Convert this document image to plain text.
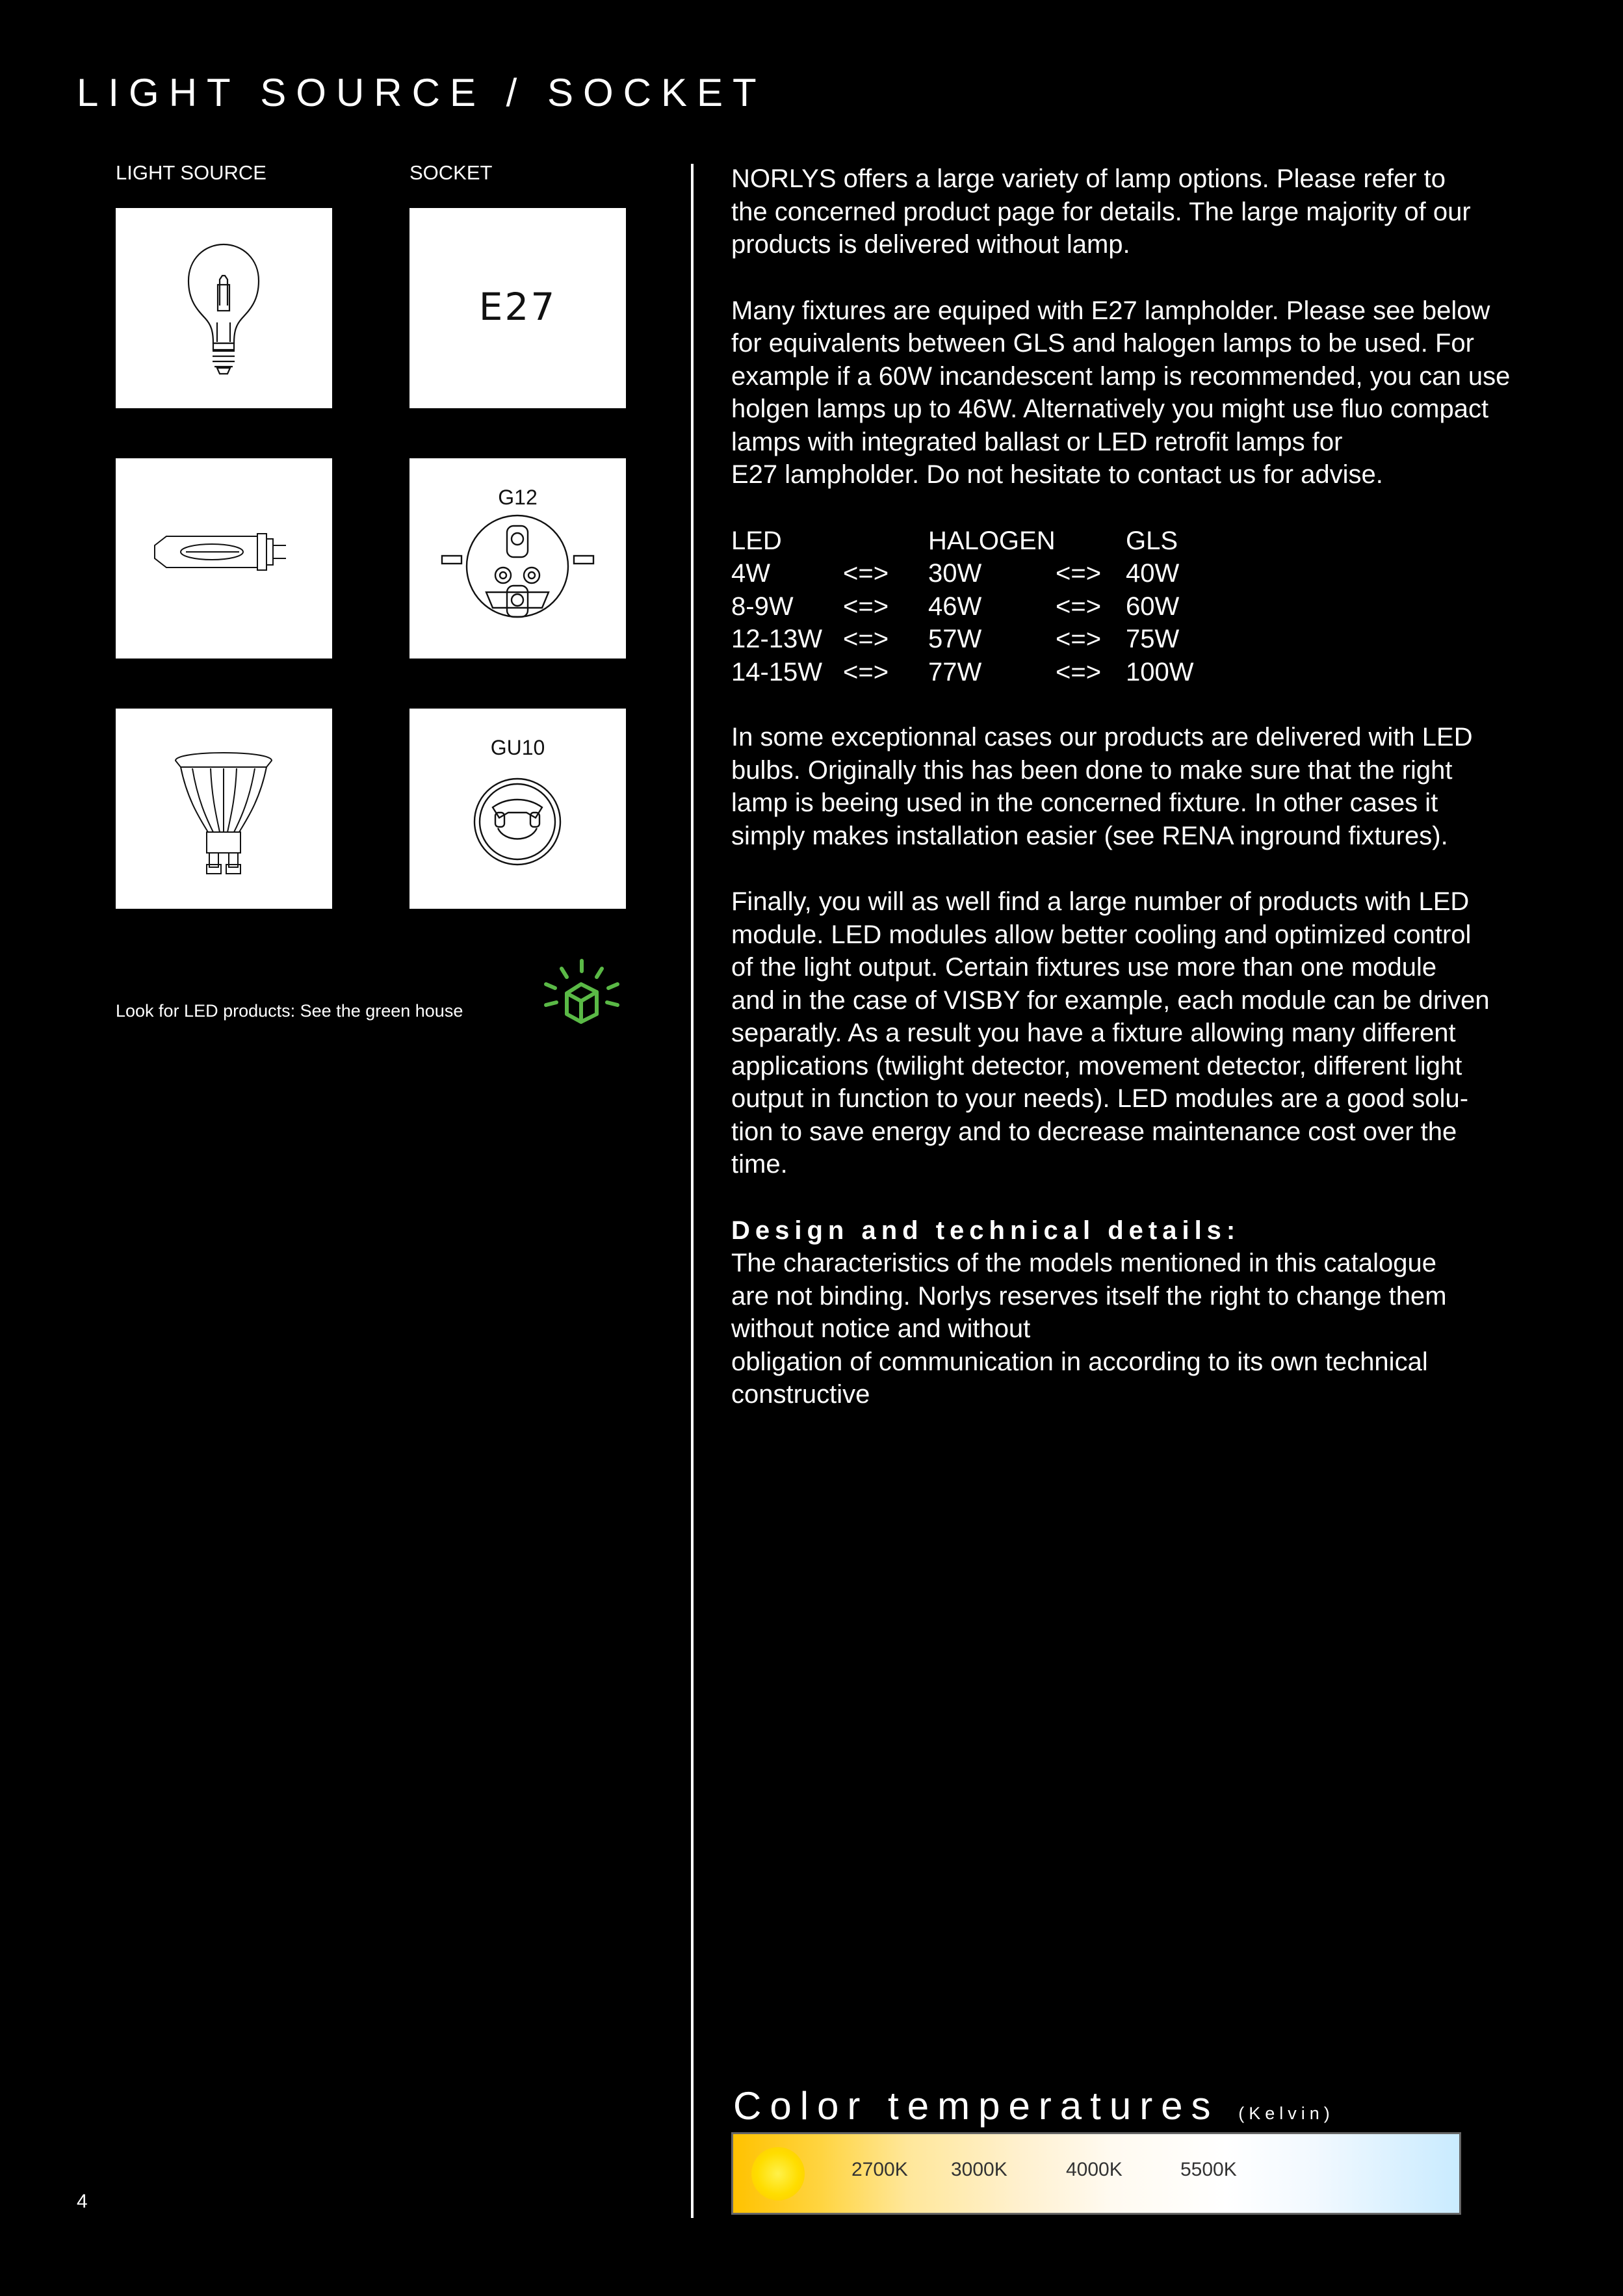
LIGHT SOURCE / SOCKET
LIGHT SOURCE	SOCKET
E27
G12
GU10
Look for LED products: See the green house

NORLYS offers a large variety of lamp options. Please refer to
the concerned product page for details. The large majority of our
products is delivered without lamp.

Many fixtures are equiped with E27 lampholder. Please see below
for equivalents between GLS and halogen lamps to be used. For
example if a 60W incandescent lamp is recommended, you can use
holgen lamps up to 46W. Alternatively you might use fluo compact
lamps with integrated ballast or LED retrofit lamps for
E27 lampholder. Do not hesitate to contact us for advise.

LED	HALOGEN	GLS
4W	<=>	30W	<=> 40W
8-9W	<=>	46W	<=> 60W
12-13W <=>	57W	<=> 75W
14-15W <=>	77W	<=> 100W

In some exceptionnal cases our products are delivered with LED
bulbs. Originally this has been done to make sure that the right
lamp is beeing used in the concerned fixture. In other cases it
simply makes installation easier (see RENA inground fixtures).

Finally, you will as well find a large number of products with LED
module. LED modules allow better cooling and optimized control
of the light output. Certain fixtures use more than one module
and in the case of VISBY for example, each module can be driven
separatly. As a result you have a fixture allowing many different
applications (twilight detector, movement detector, different light
output in function to your needs). LED modules are a good solu-
tion to save energy and to decrease maintenance cost over the
time.

Design and technical details:

The characteristics of the models mentioned in this catalogue
are not binding. Norlys reserves itself the right to change them
without notice and without
obligation of communication in according to its own technical
constructive

Color temperatures (Kelvin)
2700K 3000K	4000K	5500K
4
